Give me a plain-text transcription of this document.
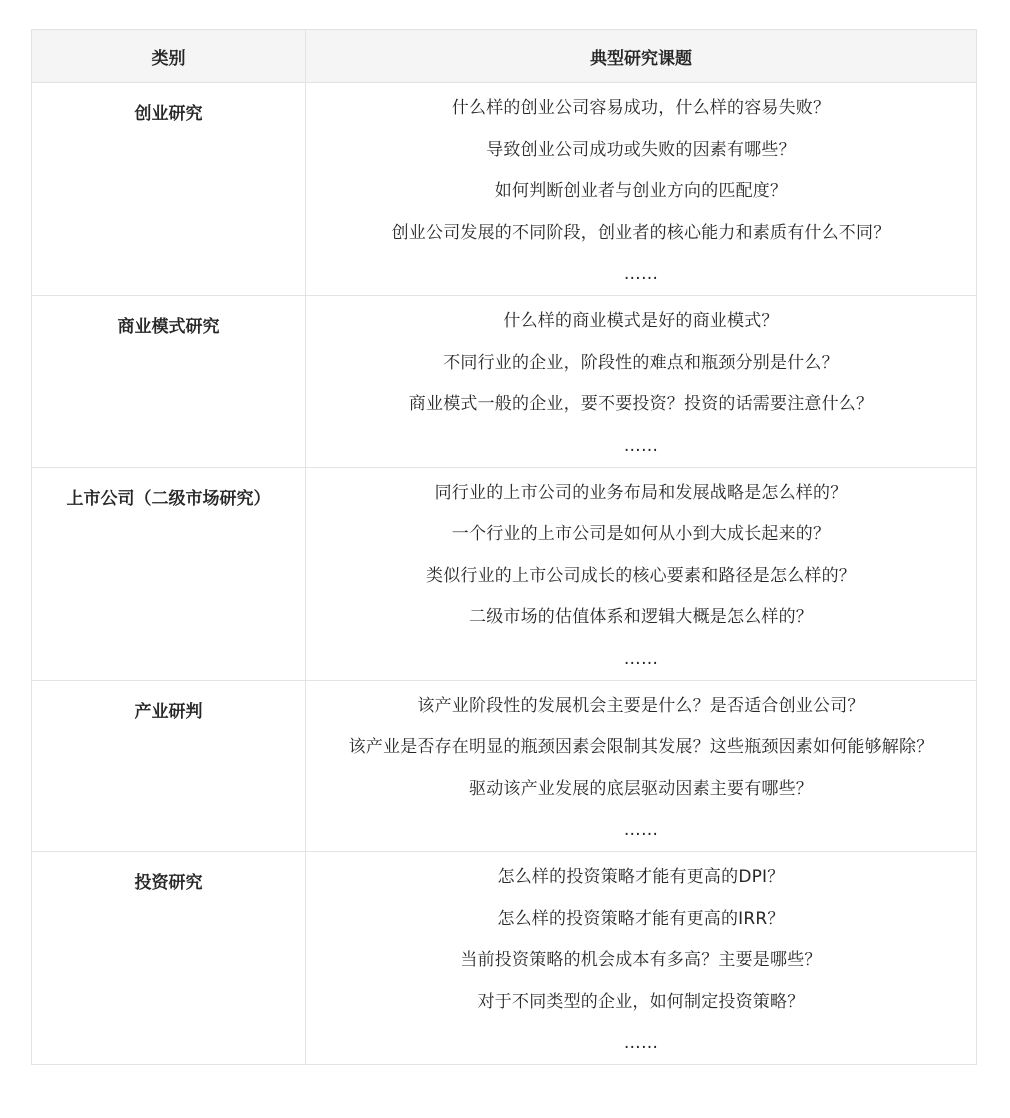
类别	典型研究课题
创业研究	什么样的创业公司容易成功，什么样的容易失败？
导致创业公司成功或失败的因素有哪些？
如何判断创业者与创业方向的匹配度？
创业公司发展的不同阶段，创业者的核心能力和素质有什么不同？
……

商业模式研究	什么样的商业模式是好的商业模式？
不同行业的企业，阶段性的难点和瓶颈分别是什么？
商业模式一般的企业，要不要投资？投资的话需要注意什么？
……

上市公司（二级市场研究）	同行业的上市公司的业务布局和发展战略是怎么样的？
一个行业的上市公司是如何从小到大成长起来的？
类似行业的上市公司成长的核心要素和路径是怎么样的？
二级市场的估值体系和逻辑大概是怎么样的？
……

产业研判	该产业阶段性的发展机会主要是什么？是否适合创业公司？
该产业是否存在明显的瓶颈因素会限制其发展？这些瓶颈因素如何能够解除？
驱动该产业发展的底层驱动因素主要有哪些？
……

投资研究	怎么样的投资策略才能有更高的DPI？
怎么样的投资策略才能有更高的IRR？
当前投资策略的机会成本有多高？主要是哪些？
对于不同类型的企业，如何制定投资策略？
……
